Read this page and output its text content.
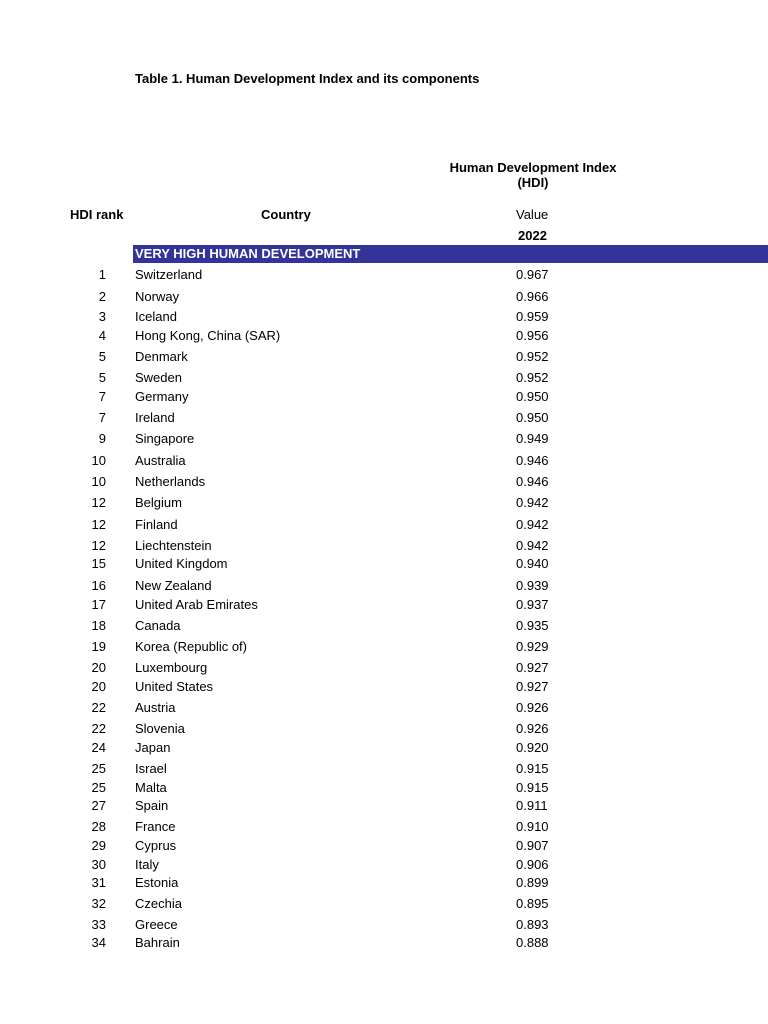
Table 1. Human Development Index and its components
Human Development Index
(HDI)
HDI rank	Country	Value
2022
VERY HIGH HUMAN DEVELOPMENT
1 Switzerland	0.967
2 Norway	0.966
3 Iceland	0.959
4 Hong Kong, China (SAR)	0.956
5 Denmark	0.952
5 Sweden	0.952
7 Germany	0.950
7 Ireland	0.950
9 Singapore	0.949
10 Australia	0.946
10 Netherlands	0.946
12 Belgium	0.942
12 Finland	0.942
12 Liechtenstein	0.942
15 United Kingdom	0.940
16 New Zealand	0.939
17 United Arab Emirates	0.937
18 Canada	0.935
19 Korea (Republic of)	0.929
20 Luxembourg	0.927
20 United States	0.927
22 Austria	0.926
22 Slovenia	0.926
24 Japan	0.920
25 Israel	0.915
25 Malta	0.915
27 Spain	0.911
28 France	0.910
29 Cyprus	0.907
30 Italy	0.906
31 Estonia	0.899
32 Czechia	0.895
33 Greece	0.893
34 Bahrain	0.888
